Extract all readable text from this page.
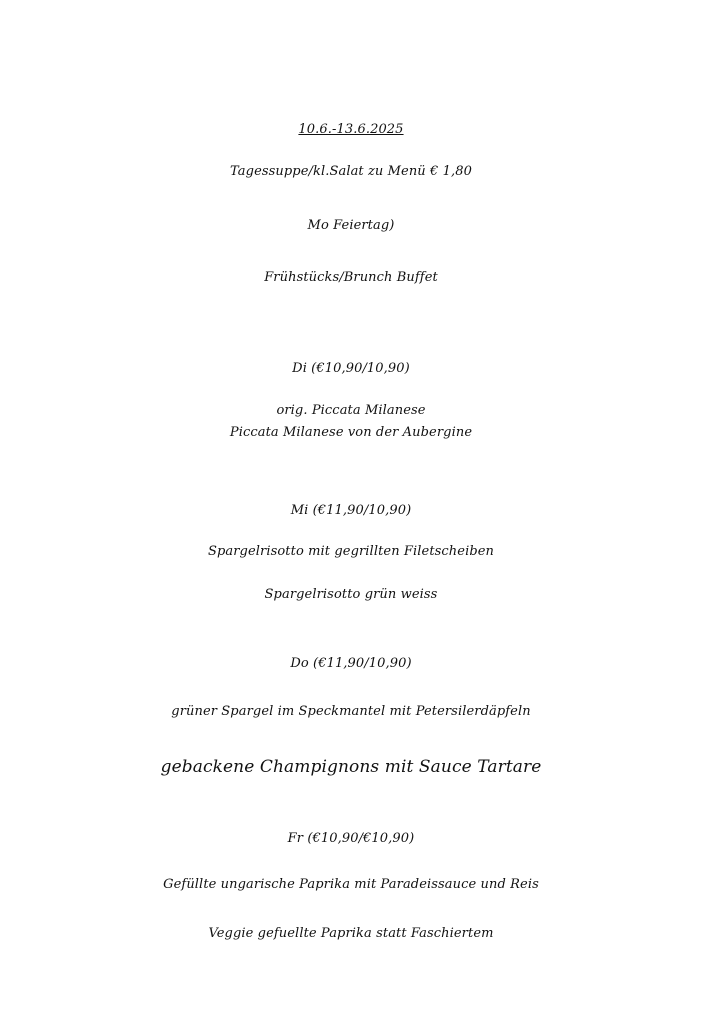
10.6.-13.6.2025
Tagessuppe/kl.Salat zu Menü € 1,80
Mo Feiertag)
Frühstücks/Brunch Buffet
Di (€10,90/10,90)
orig. Piccata Milanese
Piccata Milanese von der Aubergine
Mi (€11,90/10,90)
Spargelrisotto mit gegrillten Filetscheiben
Spargelrisotto grün weiss
Do (€11,90/10,90)
grüner Spargel im Speckmantel mit Petersilerdäpfeln
gebackene Champignons mit Sauce Tartare
Fr (€10,90/€10,90)
Gefüllte ungarische Paprika mit Paradeissauce und Reis
Veggie gefuellte Paprika statt Faschiertem
